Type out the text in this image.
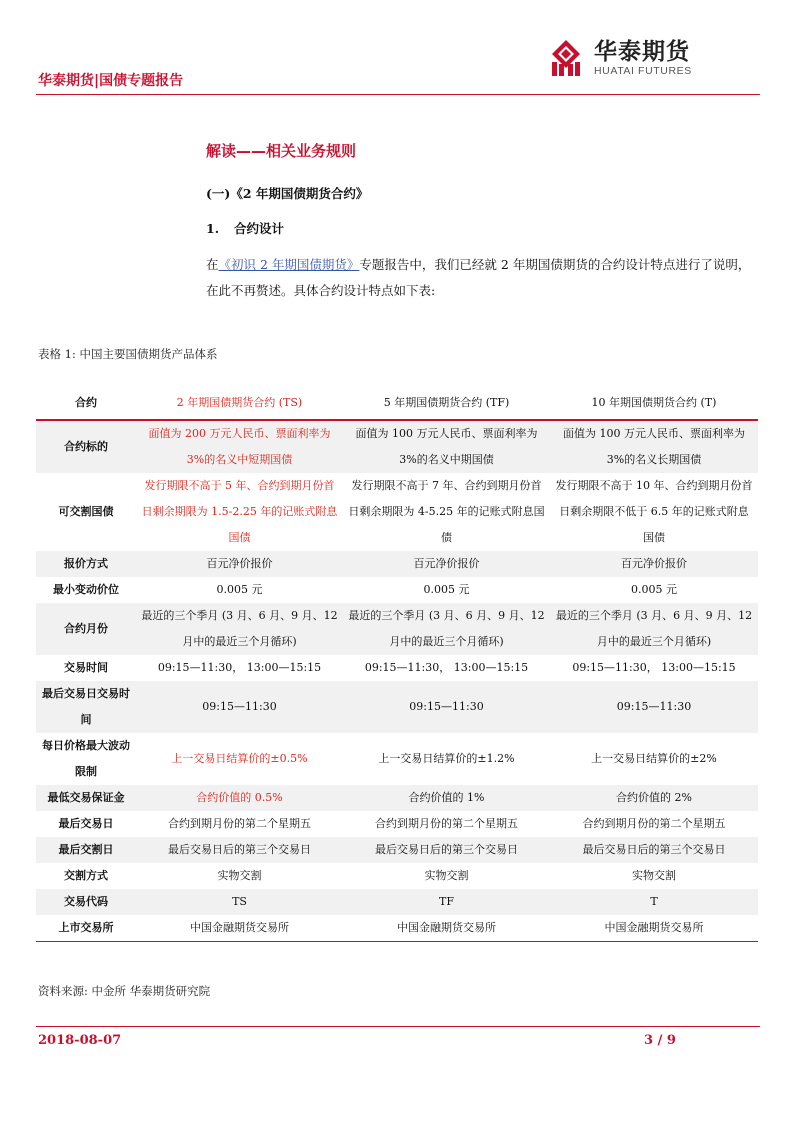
华泰期货|国债专题报告
华泰期货
HUATAI FUTURES
解读——相关业务规则
(一)《2 年期国债期货合约》
1. 合约设计
在《初识 2 年期国债期货》专题报告中，我们已经就 2 年期国债期货的合约设计特点进行了说明，在此不再赘述。具体合约设计特点如下表:
表格 1: 中国主要国债期货产品体系
合约	2 年期国债期货合约 (TS)	5 年期国债期货合约 (TF)	10 年期国债期货合约 (T)
合约标的	面值为 200 万元人民币、票面利率为 3%的名义中短期国债	面值为 100 万元人民币、票面利率为 3%的名义中期国债	面值为 100 万元人民币、票面利率为 3%的名义长期国债
可交割国债	发行期限不高于 5 年、合约到期月份首日剩余期限为 1.5-2.25 年的记账式附息国债	发行期限不高于 7 年、合约到期月份首日剩余期限为 4-5.25 年的记账式附息国债	发行期限不高于 10 年、合约到期月份首日剩余期限不低于 6.5 年的记账式附息国债
报价方式	百元净价报价	百元净价报价	百元净价报价
最小变动价位	0.005 元	0.005 元	0.005 元
合约月份	最近的三个季月 (3 月、6 月、9 月、12 月中的最近三个月循环)	最近的三个季月 (3 月、6 月、9 月、12 月中的最近三个月循环)	最近的三个季月 (3 月、6 月、9 月、12 月中的最近三个月循环)
交易时间	09:15—11:30， 13:00—15:15	09:15—11:30， 13:00—15:15	09:15—11:30， 13:00—15:15
最后交易日交易时间	09:15—11:30	09:15—11:30	09:15—11:30
每日价格最大波动限制	上一交易日结算价的±0.5%	上一交易日结算价的±1.2%	上一交易日结算价的±2%
最低交易保证金	合约价值的 0.5%	合约价值的 1%	合约价值的 2%
最后交易日	合约到期月份的第二个星期五	合约到期月份的第二个星期五	合约到期月份的第二个星期五
最后交割日	最后交易日后的第三个交易日	最后交易日后的第三个交易日	最后交易日后的第三个交易日
交割方式	实物交割	实物交割	实物交割
交易代码	TS	TF	T
上市交易所	中国金融期货交易所	中国金融期货交易所	中国金融期货交易所
资料来源: 中金所 华泰期货研究院
2018-08-07	3 / 9
